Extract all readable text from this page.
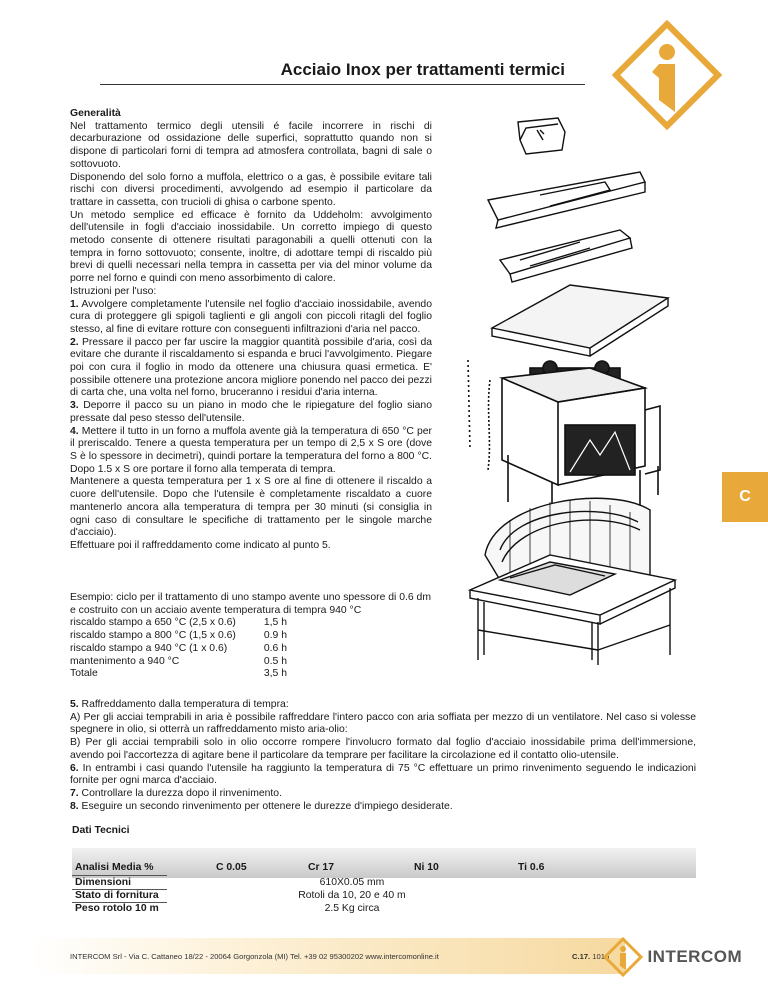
Acciaio Inox per trattamenti termici
C

Generalità

Nel trattamento termico degli utensili é facile incorrere in rischi di decarburazione od ossidazione delle superfici, soprattutto quando non si dispone di particolari forni di tempra ad atmosfera controllata, bagni di sale o sottovuoto.

Disponendo del solo forno a muffola, elettrico o a gas, è possibile evitare tali rischi con diversi procedimenti, avvolgendo ad esempio il particolare da trattare in cassetta, con trucioli di ghisa o carbone spento.

Un metodo semplice ed efficace è fornito da Uddeholm: avvolgimento dell'utensile in fogli d'acciaio inossidabile. Un corretto impiego di questo metodo consente di ottenere risultati paragonabili a quelli ottenuti con la tempra in forno sottovuoto; consente, inoltre, di adottare tempi di riscaldo più brevi di quelli necessari nella tempra in cassetta per via del minor volume da porre nel forno e quindi con meno assorbimento di calore.

Istruzioni per l'uso:

1. Avvolgere completamente l'utensile nel foglio d'acciaio inossidabile, avendo cura di proteggere gli spigoli taglienti e gli angoli con piccoli ritagli del foglio stesso, al fine di evitare rotture con conseguenti infiltrazioni d'aria nel pacco.

2. Pressare il pacco per far uscire la maggior quantità possibile d'aria, così da evitare che durante il riscaldamento si espanda e bruci l'avvolgimento. Piegare poi con cura il foglio in modo da ottenere una chiusura quasi ermetica. E' possibile ottenere una protezione ancora migliore ponendo nel pacco dei pezzi di carta che, una volta nel forno, bruceranno i residui d'aria interna.

3. Deporre il pacco su un piano in modo che le ripiegature del foglio siano pressate dal peso stesso dell'utensile.

4. Mettere il tutto in un forno a muffola avente già la temperatura di 650 °C per il preriscaldo. Tenere a questa temperatura per un tempo di 2,5 x S ore (dove S è lo spessore in decimetri), quindi portare la temperatura del forno a 800 °C. Dopo 1.5 x S ore portare il forno alla temperata di tempra.

Mantenere a questa temperatura per 1 x S ore al fine di ottenere il riscaldo a cuore dell'utensile. Dopo che l'utensile è completamente riscaldato a cuore mantenerlo ancora alla temperatura di tempra per 30 minuti (si consiglia in ogni caso di consultare le specifiche di trattamento per le singole marche d'acciaio).

Effettuare poi il raffreddamento come indicato al punto 5.

Esempio: ciclo per il trattamento di uno stampo avente uno spessore di 0.6 dm e costruito con un acciaio avente temperatura di tempra 940 °C

riscaldo stampo a 650 °C (2,5 x 0.6)	1,5 h
riscaldo stampo a 800 °C (1,5 x 0.6)	0.9 h
riscaldo stampo a 940 °C (1 x 0.6)	0.6 h
mantenimento a 940 °C	0.5 h
Totale	3,5 h

5. Raffreddamento dalla temperatura di tempra:

A) Per gli acciai temprabili in aria è possibile raffreddare l'intero pacco con aria soffiata per mezzo di un ventilatore. Nel caso si volesse spegnere in olio, si otterrà un raffreddamento misto aria-olio:

B) Per gli acciai temprabili solo in olio occorre rompere l'involucro formato dal foglio d'acciaio inossidabile prima dell'immersione, avendo poi l'accortezza di agitare bene il particolare da temprare per facilitare la circolazione ed il contatto olio-utensile.

6. In entrambi i casi quando l'utensile ha raggiunto la temperatura di 75 °C effettuare un primo rinvenimento seguendo le indicazioni fornite per ogni marca d'acciaio.

7. Controllare la durezza dopo il rinvenimento.

8. Eseguire un secondo rinvenimento per ottenere le durezze d'impiego desiderate.

Dati Tecnici
Analisi Media %	C 0.05	Cr 17	Ni 10	Ti 0.6
Dimensioni	610X0.05 mm
Stato di fornitura	Rotoli da 10, 20 e 40 m
Peso rotolo 10 m	2.5 Kg circa
INTERCOM Srl - Via C. Cattaneo 18/22 - 20064 Gorgonzola (MI) Tel. +39 02 95300202 www.intercomonline.it	C.17. 1015	INTERCOM
